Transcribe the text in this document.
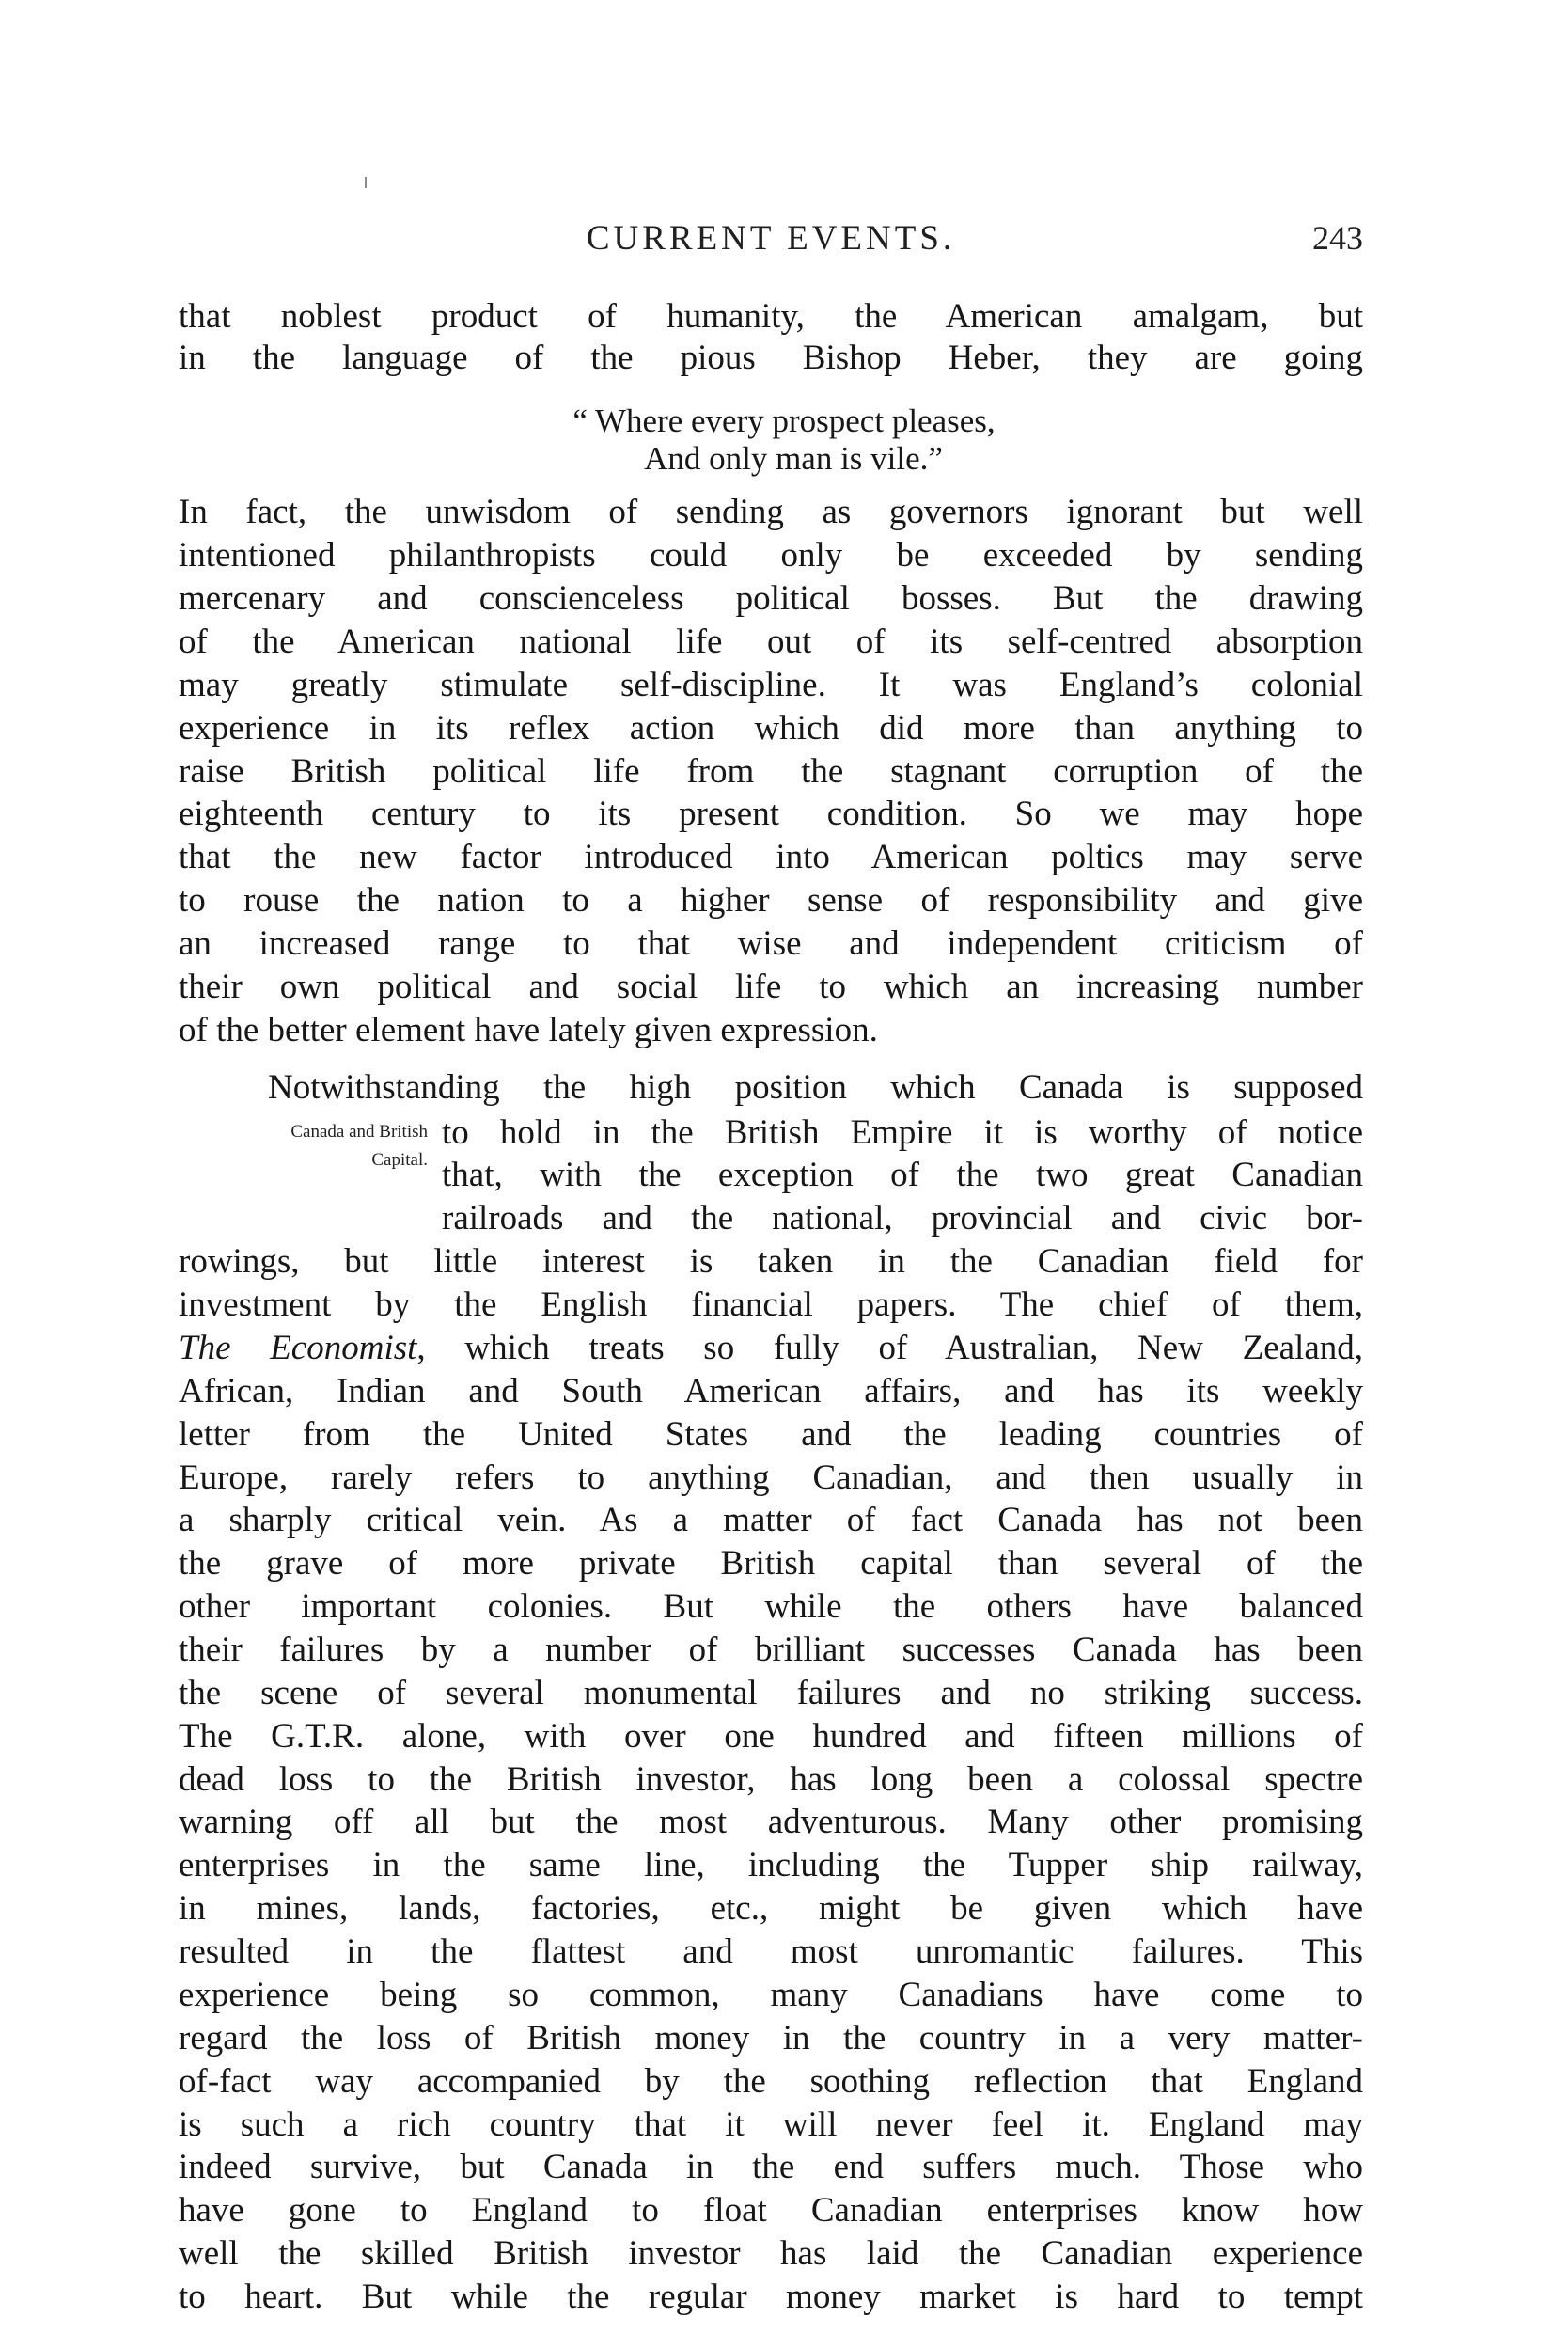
CURRENT EVENTS.	243
that noblest product of humanity, the American amalgam, but
in the language of the pious Bishop Heber, they are going
“ Where every prospect pleases,
And only man is vile.”
In fact, the unwisdom of sending as governors ignorant but well
intentioned philanthropists could only be exceeded by sending
mercenary and conscienceless political bosses. But the drawing
of the American national life out of its self-centred absorption
may greatly stimulate self-discipline. It was England’s colonial
experience in its reflex action which did more than anything to
raise British political life from the stagnant corruption of the
eighteenth century to its present condition. So we may hope
that the new factor introduced into American poltics may serve
to rouse the nation to a higher sense of responsibility and give
an increased range to that wise and independent criticism of
their own political and social life to which an increasing number
of the better element have lately given expression.
Notwithstanding the high position which Canada is supposed
Canada and British
Capital.
to hold in the British Empire it is worthy of notice
that, with the exception of the two great Canadian
railroads and the national, provincial and civic bor-
rowings, but little interest is taken in the Canadian field for
investment by the English financial papers. The chief of them,
The Economist, which treats so fully of Australian, New Zealand,
African, Indian and South American affairs, and has its weekly
letter from the United States and the leading countries of
Europe, rarely refers to anything Canadian, and then usually in
a sharply critical vein. As a matter of fact Canada has not been
the grave of more private British capital than several of the
other important colonies. But while the others have balanced
their failures by a number of brilliant successes Canada has been
the scene of several monumental failures and no striking success.
The G.T.R. alone, with over one hundred and fifteen millions of
dead loss to the British investor, has long been a colossal spectre
warning off all but the most adventurous. Many other promising
enterprises in the same line, including the Tupper ship railway,
in mines, lands, factories, etc., might be given which have
resulted in the flattest and most unromantic failures. This
experience being so common, many Canadians have come to
regard the loss of British money in the country in a very matter-
of-fact way accompanied by the soothing reflection that England
is such a rich country that it will never feel it. England may
indeed survive, but Canada in the end suffers much. Those who
have gone to England to float Canadian enterprises know how
well the skilled British investor has laid the Canadian experience
to heart. But while the regular money market is hard to tempt
